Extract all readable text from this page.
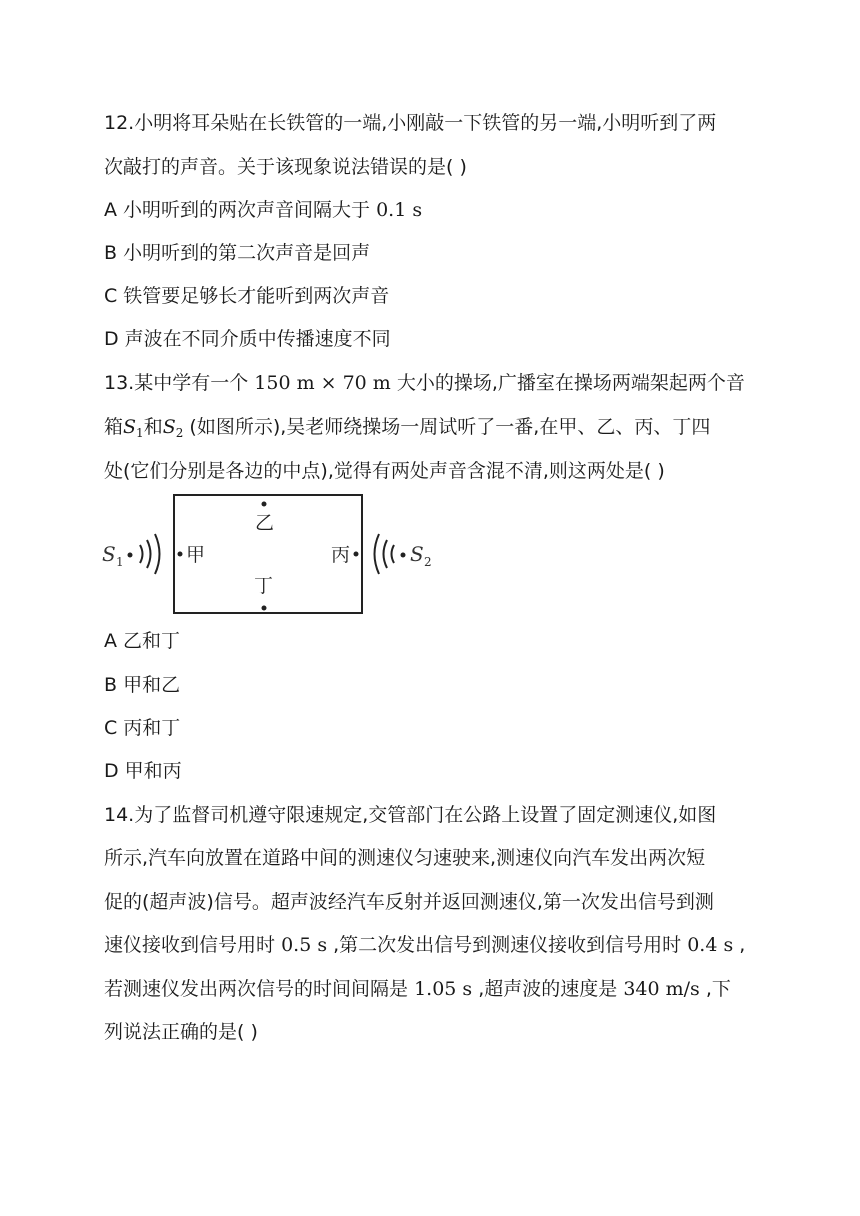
12.小明将耳朵贴在长铁管的一端,小刚敲一下铁管的另一端,小明听到了两
次敲打的声音。关于该现象说法错误的是( )
A 小明听到的两次声音间隔大于 0.1 s
B 小明听到的第二次声音是回声
C 铁管要足够长才能听到两次声音
D 声波在不同介质中传播速度不同
13.某中学有一个 150 m × 70 m 大小的操场,广播室在操场两端架起两个音
箱$S_1$和$S_2$ (如图所示),吴老师绕操场一周试听了一番,在甲、乙、丙、丁四
处(它们分别是各边的中点),觉得有两处声音含混不清,则这两处是( )
S 1	甲
乙
丁
丙	S 2
A 乙和丁
B 甲和乙
C 丙和丁
D 甲和丙
14.为了监督司机遵守限速规定,交管部门在公路上设置了固定测速仪,如图
所示,汽车向放置在道路中间的测速仪匀速驶来,测速仪向汽车发出两次短
促的(超声波)信号。超声波经汽车反射并返回测速仪,第一次发出信号到测
速仪接收到信号用时 0.5 s ,第二次发出信号到测速仪接收到信号用时 0.4 s ,
若测速仪发出两次信号的时间间隔是 1.05 s ,超声波的速度是 340 m/s ,下
列说法正确的是( )
